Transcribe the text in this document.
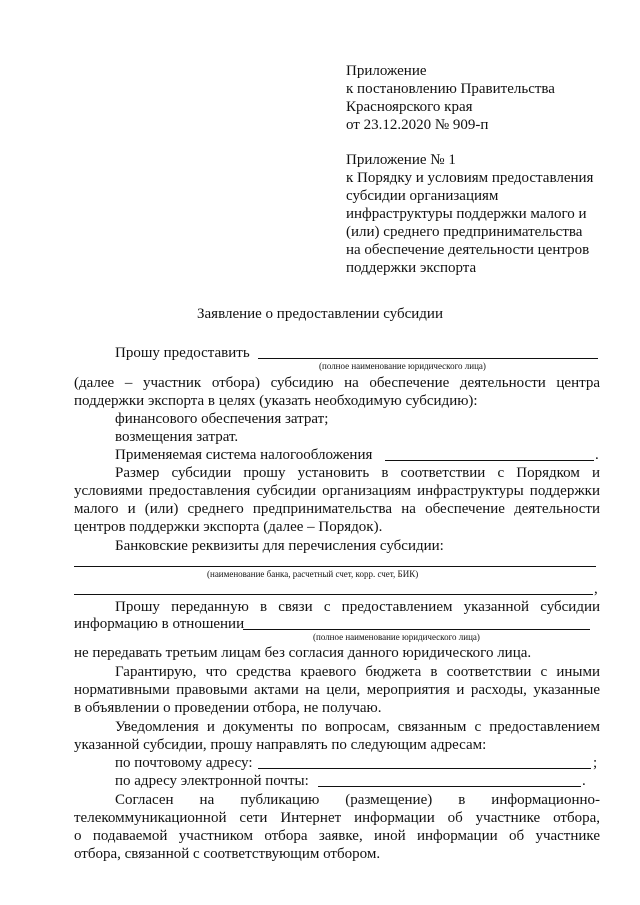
Приложение
к постановлению Правительства
Красноярского края
от 23.12.2020 № 909-п
Приложение № 1
к Порядку и условиям предоставления
субсидии организациям
инфраструктуры поддержки малого и
(или) среднего предпринимательства
на обеспечение деятельности центров
поддержки экспорта
Заявление о предоставлении субсидии
Прошу предоставить
(полное наименование юридического лица)
(далее – участник отбора) субсидию на обеспечение деятельности центра
поддержки экспорта в целях (указать необходимую субсидию):
финансового обеспечения затрат;
возмещения затрат.
Применяемая система налогообложения	.
Размер субсидии прошу установить в соответствии с Порядком и
условиями предоставления субсидии организациям инфраструктуры поддержки
малого и (или) среднего предпринимательства на обеспечение деятельности
центров поддержки экспорта (далее – Порядок).
Банковские реквизиты для перечисления субсидии:
(наименование банка, расчетный счет, корр. счет, БИК)
,
Прошу переданную в связи с предоставлением указанной субсидии
информацию в отношении
(полное наименование юридического лица)
не передавать третьим лицам без согласия данного юридического лица.
Гарантирую, что средства краевого бюджета в соответствии с иными
нормативными правовыми актами на цели, мероприятия и расходы, указанные
в объявлении о проведении отбора, не получаю.
Уведомления и документы по вопросам, связанным с предоставлением
указанной субсидии, прошу направлять по следующим адресам:
по почтовому адресу:	;
по адресу электронной почты:	.
Согласен на публикацию (размещение) в информационно-
телекоммуникационной сети Интернет информации об участнике отбора,
о подаваемой участником отбора заявке, иной информации об участнике
отбора, связанной с соответствующим отбором.
